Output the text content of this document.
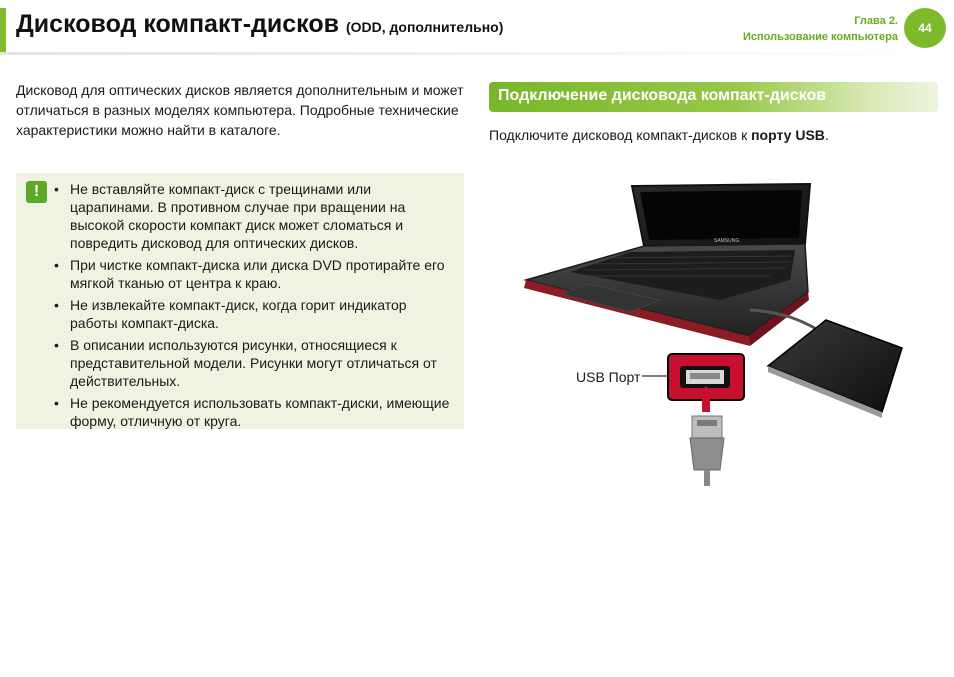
Дисковод компакт-дисков (ODD, дополнительно)	Глава 2.
Использование компьютера
44
Дисковод для оптических дисков является дополнительным и может отличаться в разных моделях компьютера. Подробные технические характеристики можно найти в каталоге.
!
•	Не вставляйте компакт-диск с трещинами или царапинами. В противном случае при вращении на высокой скорости компакт диск может сломаться и повредить дисковод для оптических дисков.
• При чистке компакт-диска или диска DVD протирайте его мягкой тканью от центра к краю.
• Не извлекайте компакт-диск, когда горит индикатор работы компакт-диска.
• В описании используются рисунки, относящиеся к представительной модели. Рисунки могут отличаться от действительных.
• Не рекомендуется использовать компакт-диски, имеющие форму, отличную от круга.
Подключение дисковода компакт-дисков
Подключите дисковод компакт-дисков к порту USB.
SAMSUNG
USB Порт
